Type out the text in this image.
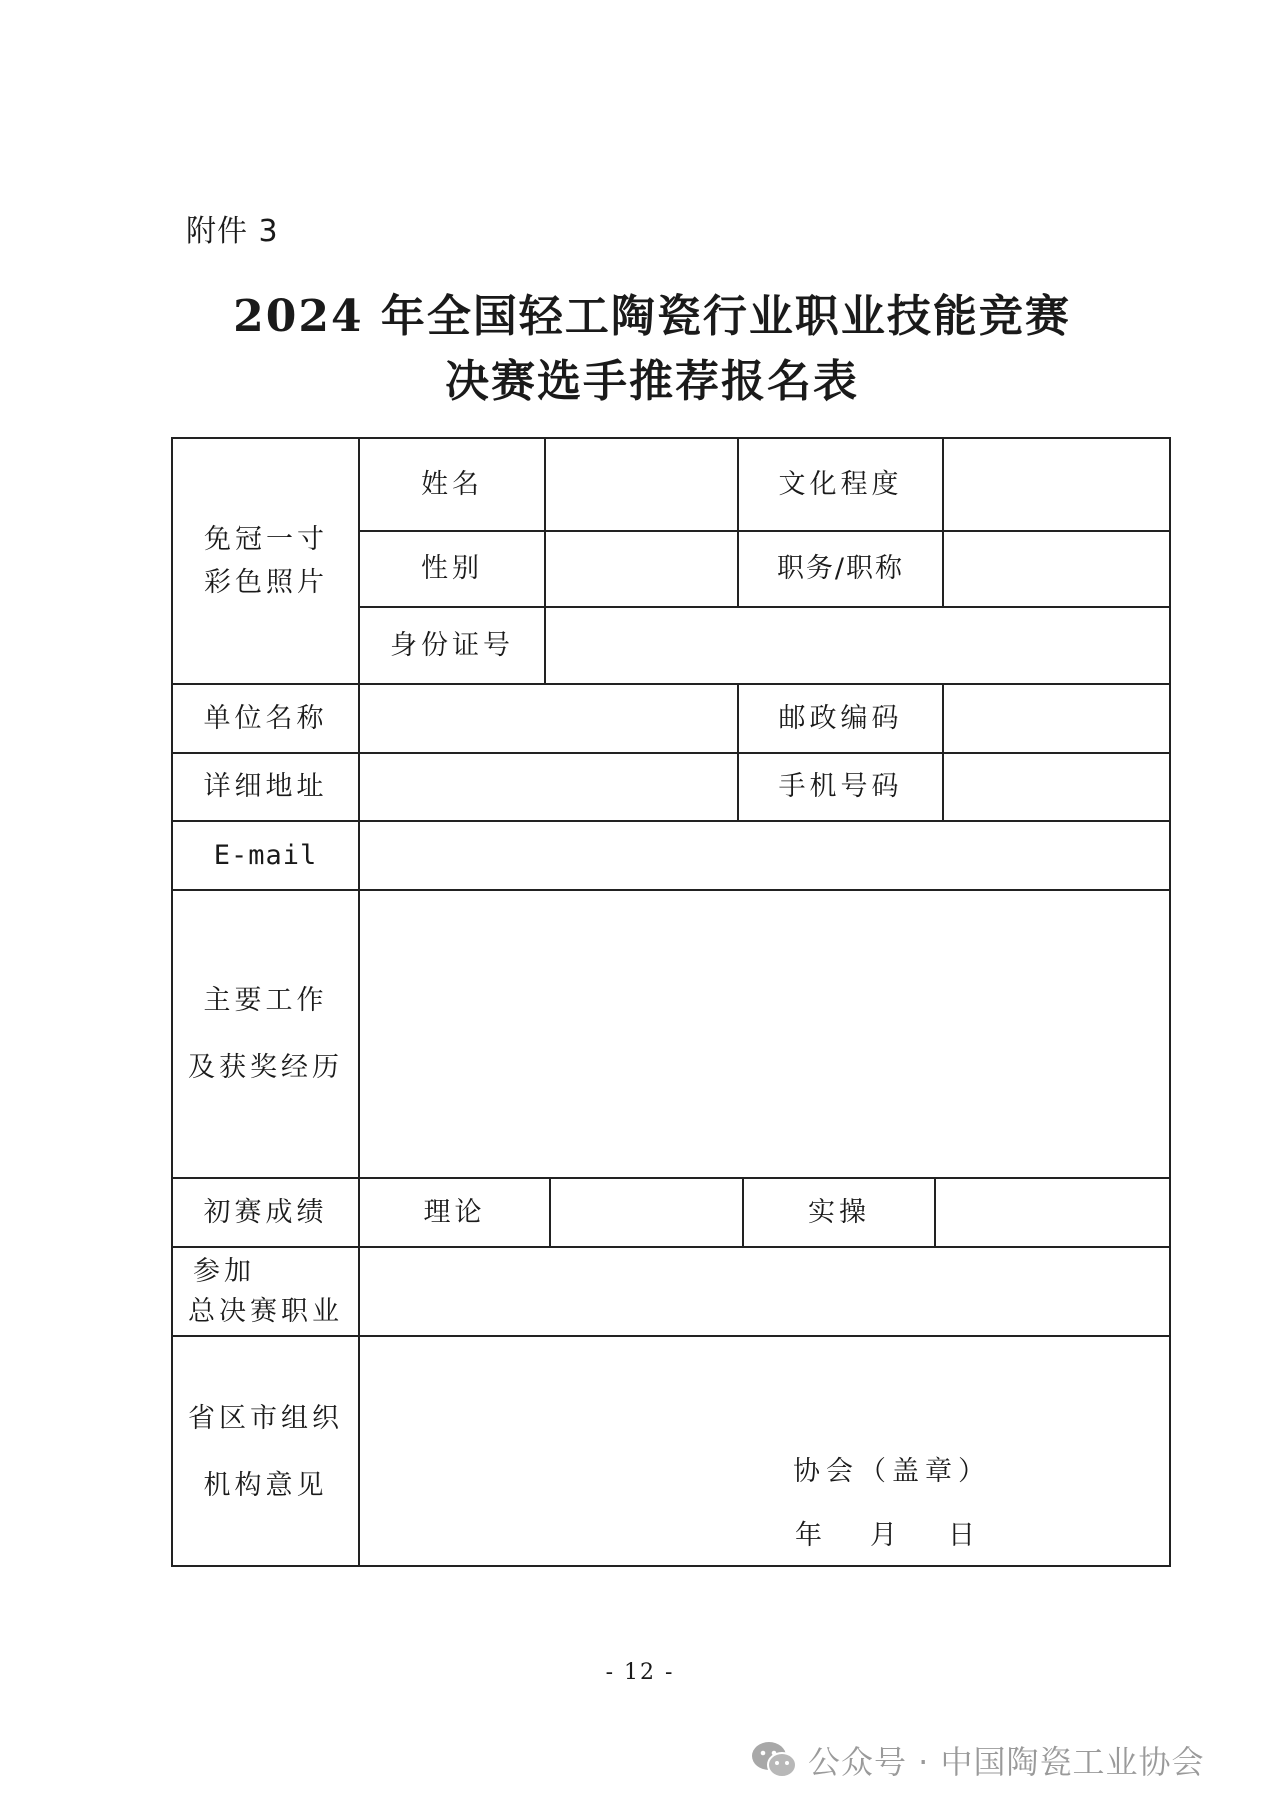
附件 3
2024 年全国轻工陶瓷行业职业技能竞赛
决赛选手推荐报名表
免冠一寸
彩色照片
姓名	文化程度
性别	职务/职称
身份证号
单位名称	邮政编码
详细地址	手机号码
E-mail
主要工作
及获奖经历
初赛成绩	理论	实操
参加
总决赛职业
省区市组织
机构意见	协会（盖章）
年 月 日
- 12 -
公众号 · 中国陶瓷工业协会
